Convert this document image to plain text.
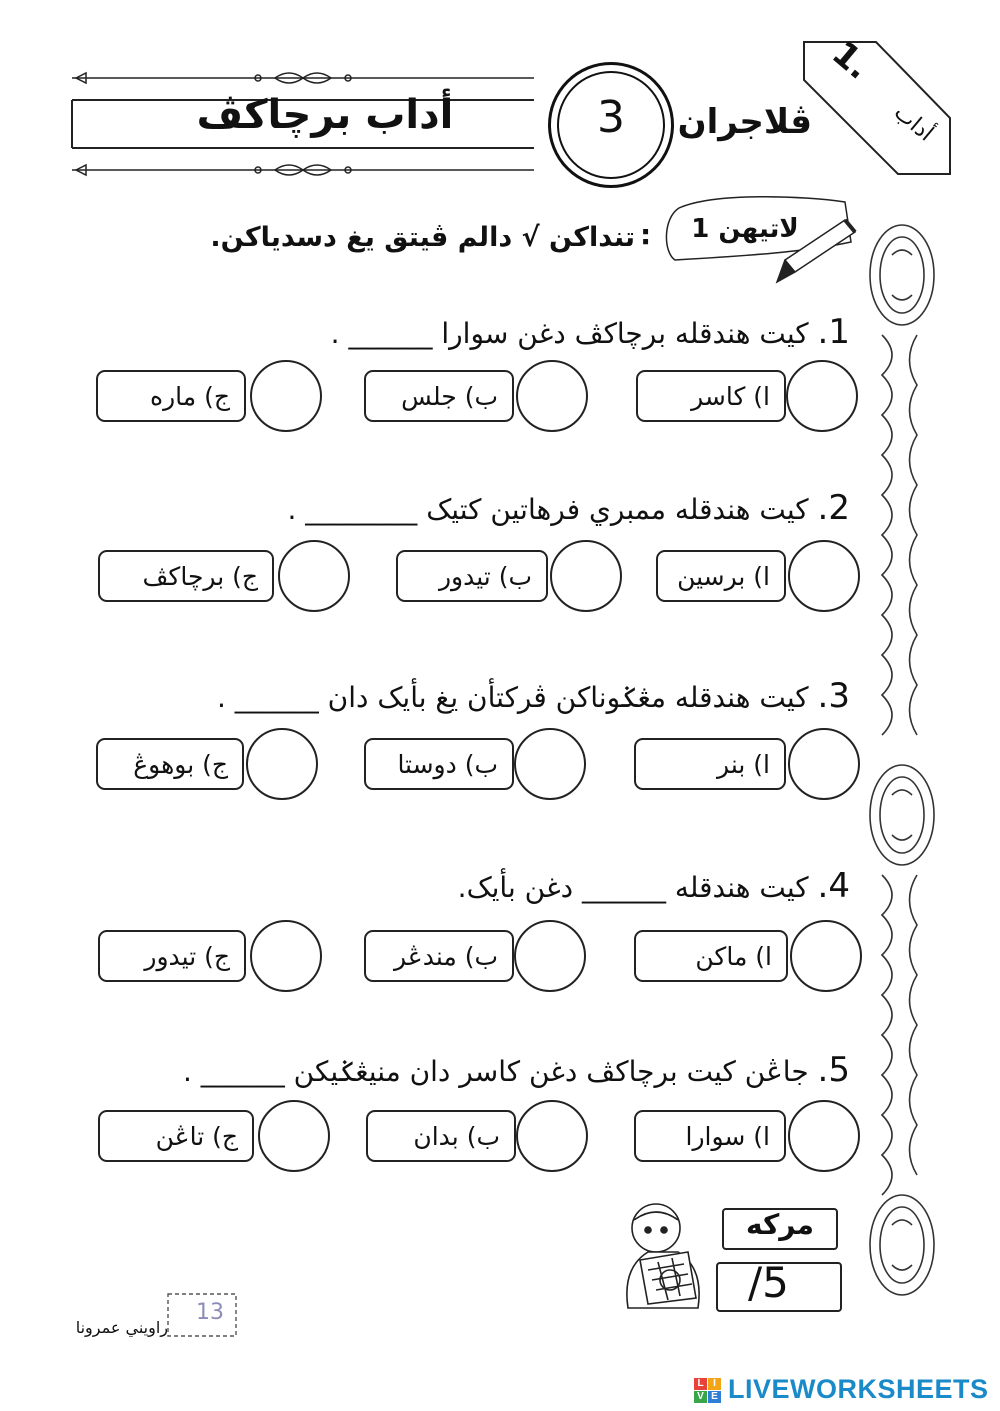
أداب برچاکڤ	3	ڤلاجران
1.
أداب
لاتيهن 1
:
تنداکن √ دالم ڤيتق يغ دسدياکن.
1. کيت هندقله برچاکڤ دغن سوارا ______ .
ا) کاسر
ب) جلس
ج) ماره
2. کيت هندقله ممبري فرهاتين کتيک ________ .
ا) برسين
ب) تيدور
ج) برچاکڤ
3. کيت هندقله مڠݢوناکن ڤرکتأن يغ بأيک دان ______ .
ا) بنر
ب) دوستا
ج) بوهوڠ
4. کيت هندقله ______ دغن بأيک.
ا) ماکن
ب) مندڠر
ج) تيدور
5. جاڠن کيت برچاکڤ دغن کاسر دان منيڠݢيکن ______ .
ا) سوارا
ب) بدان
ج) تاڠن
مرکه
/5
13
راويني عمرونا
L I
V E LIVEWORKSHEETS
